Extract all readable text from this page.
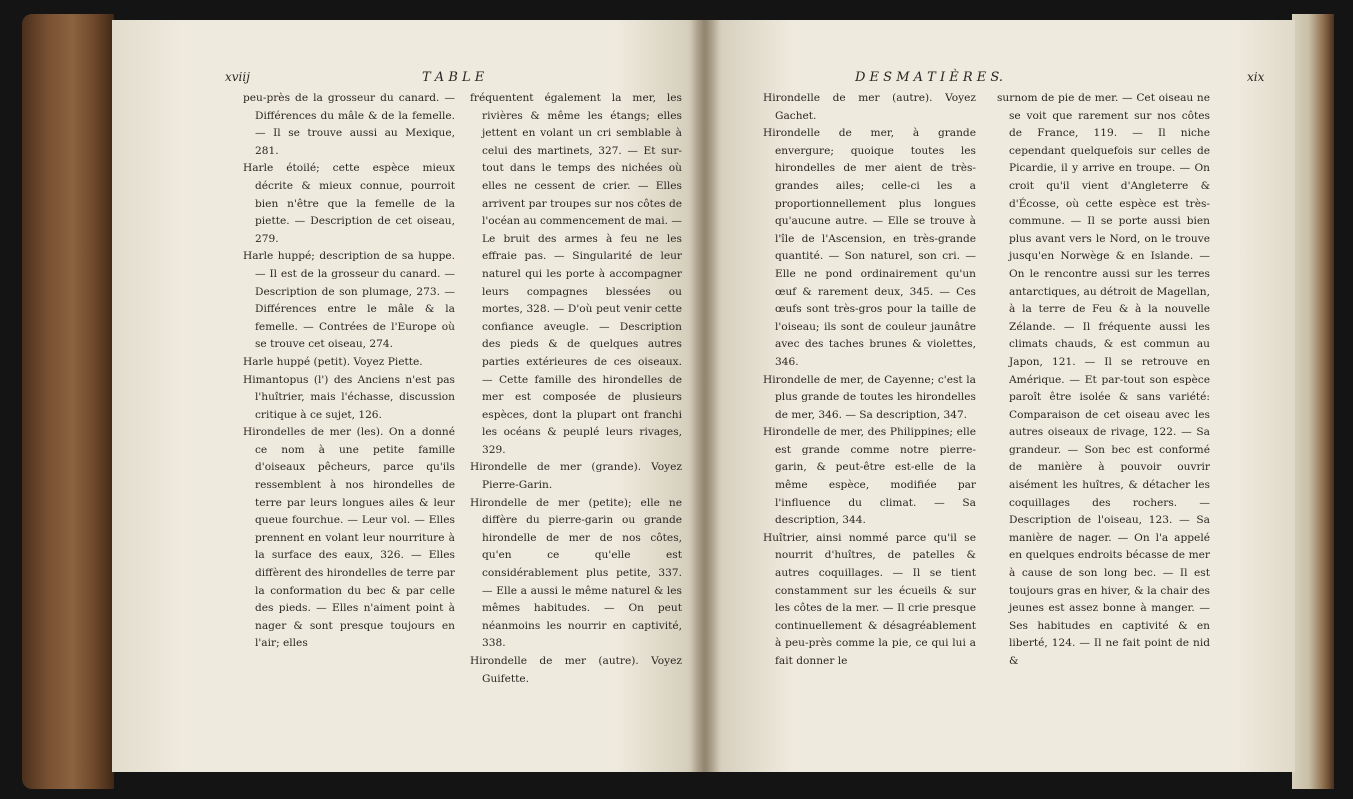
xviij	T A B L E

peu-près de la grosseur du canard. — Différences du mâle & de la femelle. — Il se trouve aussi au Mexique, 281.

Harle étoilé; cette espèce mieux décrite & mieux connue, pourroit bien n'être que la femelle de la piette. — Description de cet oiseau, 279.

Harle huppé; description de sa huppe. — Il est de la grosseur du canard. — Description de son plumage, 273. — Différences entre le mâle & la femelle. — Contrées de l'Europe où se trouve cet oiseau, 274.

Harle huppé (petit). Voyez Piette.

Himantopus (l') des Anciens n'est pas l'huîtrier, mais l'échasse, discussion critique à ce sujet, 126.

Hirondelles de mer (les). On a donné ce nom à une petite famille d'oiseaux pêcheurs, parce qu'ils ressemblent à nos hirondelles de terre par leurs longues ailes & leur queue fourchue. — Leur vol. — Elles prennent en volant leur nourriture à la surface des eaux, 326. — Elles diffèrent des hirondelles de terre par la conformation du bec & par celle des pieds. — Elles n'aiment point à nager & sont presque toujours en l'air; elles

fréquentent également la mer, les rivières & même les étangs; elles jettent en volant un cri semblable à celui des martinets, 327. — Et sur-tout dans le temps des nichées où elles ne cessent de crier. — Elles arrivent par troupes sur nos côtes de l'océan au commencement de mai. — Le bruit des armes à feu ne les effraie pas. — Singularité de leur naturel qui les porte à accompagner leurs compagnes blessées ou mortes, 328. — D'où peut venir cette confiance aveugle. — Description des pieds & de quelques autres parties extérieures de ces oiseaux. — Cette famille des hirondelles de mer est composée de plusieurs espèces, dont la plupart ont franchi les océans & peuplé leurs rivages, 329.

Hirondelle de mer (grande). Voyez Pierre-Garin.

Hirondelle de mer (petite); elle ne diffère du pierre-garin ou grande hirondelle de mer de nos côtes, qu'en ce qu'elle est considérablement plus petite, 337. — Elle a aussi le même naturel & les mêmes habitudes. — On peut néanmoins les nourrir en captivité, 338.

Hirondelle de mer (autre). Voyez Guifette.

D E S M A T I È R E S.	xix

Hirondelle de mer (autre). Voyez Gachet.

Hirondelle de mer, à grande envergure; quoique toutes les hirondelles de mer aient de très-grandes ailes; celle-ci les a proportionnellement plus longues qu'aucune autre. — Elle se trouve à l'île de l'Ascension, en très-grande quantité. — Son naturel, son cri. — Elle ne pond ordinairement qu'un œuf & rarement deux, 345. — Ces œufs sont très-gros pour la taille de l'oiseau; ils sont de couleur jaunâtre avec des taches brunes & violettes, 346.

Hirondelle de mer, de Cayenne; c'est la plus grande de toutes les hirondelles de mer, 346. — Sa description, 347.

Hirondelle de mer, des Philippines; elle est grande comme notre pierre-garin, & peut-être est-elle de la même espèce, modifiée par l'influence du climat. — Sa description, 344.

Huîtrier, ainsi nommé parce qu'il se nourrit d'huîtres, de patelles & autres coquillages. — Il se tient constamment sur les écueils & sur les côtes de la mer. — Il crie presque continuellement & désagréablement à peu-près comme la pie, ce qui lui a fait donner le

surnom de pie de mer. — Cet oiseau ne se voit que rarement sur nos côtes de France, 119. — Il niche cependant quelquefois sur celles de Picardie, il y arrive en troupe. — On croit qu'il vient d'Angleterre & d'Écosse, où cette espèce est très-commune. — Il se porte aussi bien plus avant vers le Nord, on le trouve jusqu'en Norwège & en Islande. — On le rencontre aussi sur les terres antarctiques, au détroit de Magellan, à la terre de Feu & à la nouvelle Zélande. — Il fréquente aussi les climats chauds, & est commun au Japon, 121. — Il se retrouve en Amérique. — Et par-tout son espèce paroît être isolée & sans variété: Comparaison de cet oiseau avec les autres oiseaux de rivage, 122. — Sa grandeur. — Son bec est conformé de manière à pouvoir ouvrir aisément les huîtres, & détacher les coquillages des rochers. — Description de l'oiseau, 123. — Sa manière de nager. — On l'a appelé en quelques endroits bécasse de mer à cause de son long bec. — Il est toujours gras en hiver, & la chair des jeunes est assez bonne à manger. — Ses habitudes en captivité & en liberté, 124. — Il ne fait point de nid &
